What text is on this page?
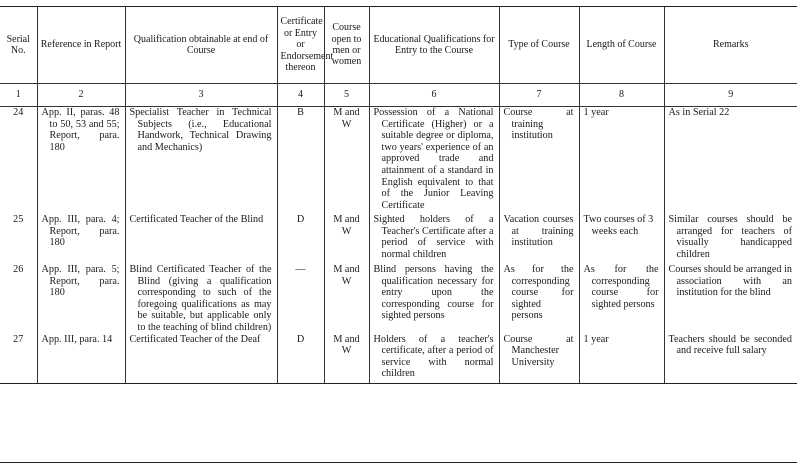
Serial No.	Reference in Report	Qualification obtainable at end of Course	Certificate or Entry or Endorsement thereon	Course open to men or women	Educational Qualifications for Entry to the Course	Type of Course	Length of Course	Remarks
1	2	3	4	5	6	7	8	9
24	App. II, paras. 48 to 50, 53 and 55; Report, para. 180	Specialist Teacher in Technical Subjects (i.e., Educational Handwork, Technical Drawing and Mechanics)	B	M and W	Possession of a National Certificate (Higher) or a suitable degree or diploma, two years' experience of an approved trade and attainment of a standard in English equivalent to that of the Junior Leaving Certificate	Course at training institution	1 year	As in Serial 22
25	App. III, para. 4; Report, para. 180	Certificated Teacher of the Blind	D	M and W	Sighted holders of a Teacher's Certificate after a period of service with normal children	Vacation courses at training institution	Two courses of 3 weeks each	Similar courses should be arranged for teachers of visually handicapped children
26	App. III, para. 5; Report, para. 180	Blind Certificated Teacher of the Blind (giving a qualification corresponding to such of the foregoing qualifications as may be suitable, but applicable only to the teaching of blind children)	—	M and W	Blind persons having the qualification necessary for entry upon the corresponding course for sighted persons	As for the corresponding course for sighted persons	As for the corresponding course for sighted persons	Courses should be arranged in association with an institution for the blind
27	App. III, para. 14	Certificated Teacher of the Deaf	D	M and W	Holders of a teacher's certificate, after a period of service with normal children	Course at Manchester University	1 year	Teachers should be seconded and receive full salary
